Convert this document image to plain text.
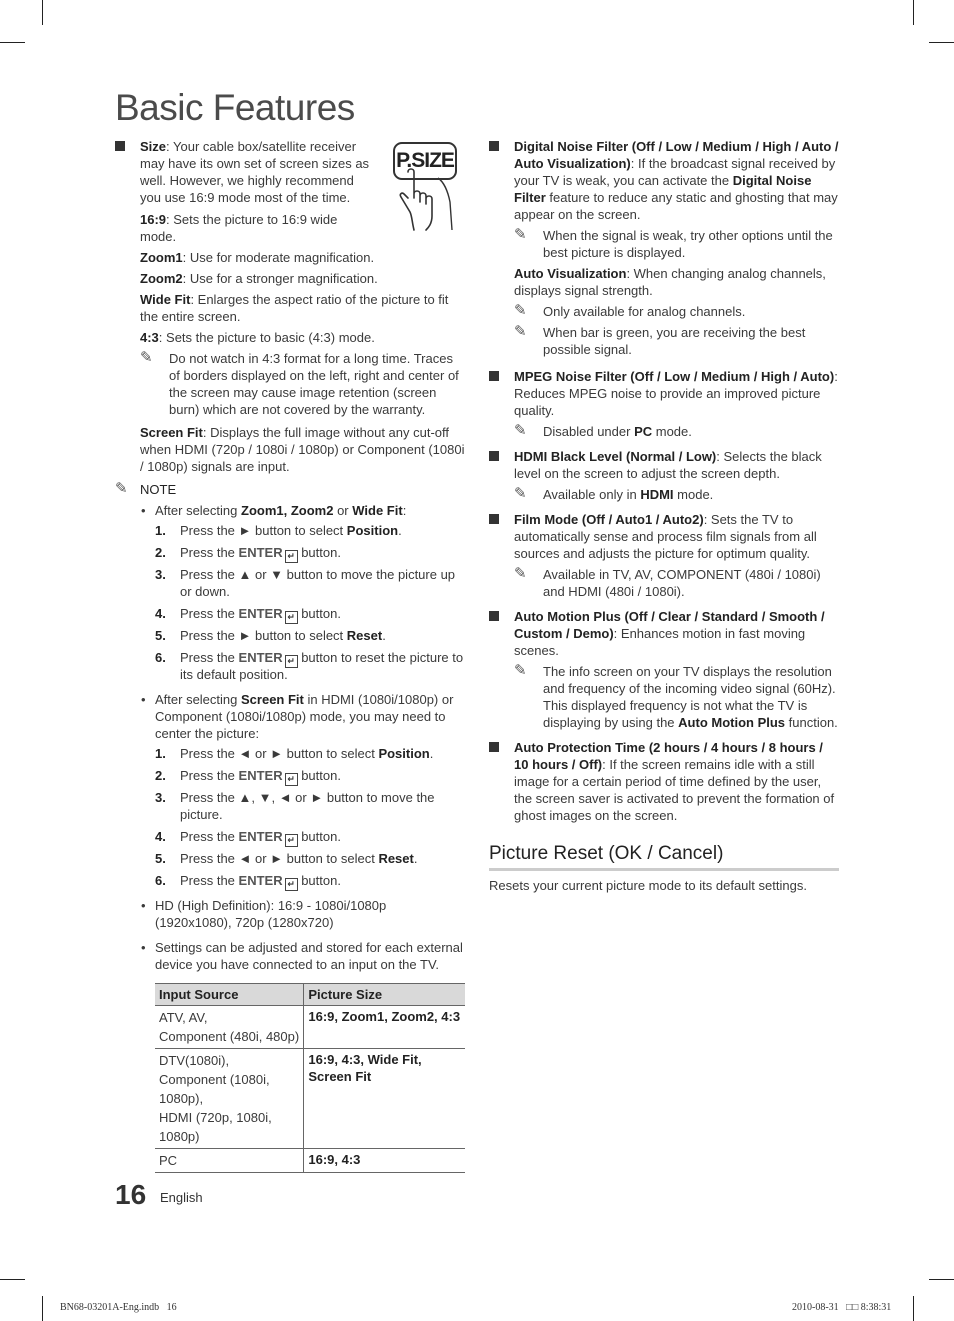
Basic Features
P.SIZE
Size: Your cable box/satellite receiver may have its own set of screen sizes as well. However, we highly recommend you use 16:9 mode most of the time.
16:9: Sets the picture to 16:9 wide mode.
Zoom1: Use for moderate magnification.
Zoom2: Use for a stronger magnification.
Wide Fit: Enlarges the aspect ratio of the picture to fit the entire screen.
4:3: Sets the picture to basic (4:3) mode.
✎ Do not watch in 4:3 format for a long time. Traces of borders displayed on the left, right and center of the screen may cause image retention (screen burn) which are not covered by the warranty.
Screen Fit: Displays the full image without any cut-off when HDMI (720p / 1080i / 1080p) or Component (1080i / 1080p) signals are input.
✎ NOTE
• After selecting Zoom1, Zoom2 or Wide Fit:
1. Press the ► button to select Position.
2. Press the ENTER ↵ button.
3. Press the ▲ or ▼ button to move the picture up or down.
4. Press the ENTER ↵ button.
5. Press the ► button to select Reset.
6. Press the ENTER ↵ button to reset the picture to its default position.
• After selecting Screen Fit in HDMI (1080i/1080p) or Component (1080i/1080p) mode, you may need to center the picture:
1. Press the ◄ or ► button to select Position.
2. Press the ENTER ↵ button.
3. Press the ▲, ▼, ◄ or ► button to move the picture.
4. Press the ENTER ↵ button.
5. Press the ◄ or ► button to select Reset.
6. Press the ENTER ↵ button.
• HD (High Definition): 16:9 - 1080i/1080p (1920x1080), 720p (1280x720)
• Settings can be adjusted and stored for each external device you have connected to an input on the TV.
Input Source	Picture Size

ATV, AV,
Component (480i, 480p)	16:9, Zoom1, Zoom2, 4:3

DTV(1080i),
Component (1080i, 1080p),
HDMI (720p, 1080i, 1080p)	16:9, 4:3, Wide Fit, Screen Fit

PC	16:9, 4:3
Digital Noise Filter (Off / Low / Medium / High / Auto / Auto Visualization): If the broadcast signal received by your TV is weak, you can activate the Digital Noise Filter feature to reduce any static and ghosting that may appear on the screen.
✎ When the signal is weak, try other options until the best picture is displayed.
Auto Visualization: When changing analog channels, displays signal strength.
✎ Only available for analog channels.
✎ When bar is green, you are receiving the best possible signal.
MPEG Noise Filter (Off / Low / Medium / High / Auto): Reduces MPEG noise to provide an improved picture quality.
✎ Disabled under PC mode.
HDMI Black Level (Normal / Low): Selects the black level on the screen to adjust the screen depth.
✎ Available only in HDMI mode.
Film Mode (Off / Auto1 / Auto2): Sets the TV to automatically sense and process film signals from all sources and adjusts the picture for optimum quality.
✎ Available in TV, AV, COMPONENT (480i / 1080i) and HDMI (480i / 1080i).
Auto Motion Plus (Off / Clear / Standard / Smooth / Custom / Demo): Enhances motion in fast moving scenes.
✎ The info screen on your TV displays the resolution and frequency of the incoming video signal (60Hz). This displayed frequency is not what the TV is displaying by using the Auto Motion Plus function.
Auto Protection Time (2 hours / 4 hours / 8 hours / 10 hours / Off): If the screen remains idle with a still image for a certain period of time defined by the user, the screen saver is activated to prevent the formation of ghost images on the screen.
Picture Reset (OK / Cancel)
Resets your current picture mode to its default settings.
16 English
BN68-03201A-Eng.indb   16	2010-08-31   □□ 8:38:31
